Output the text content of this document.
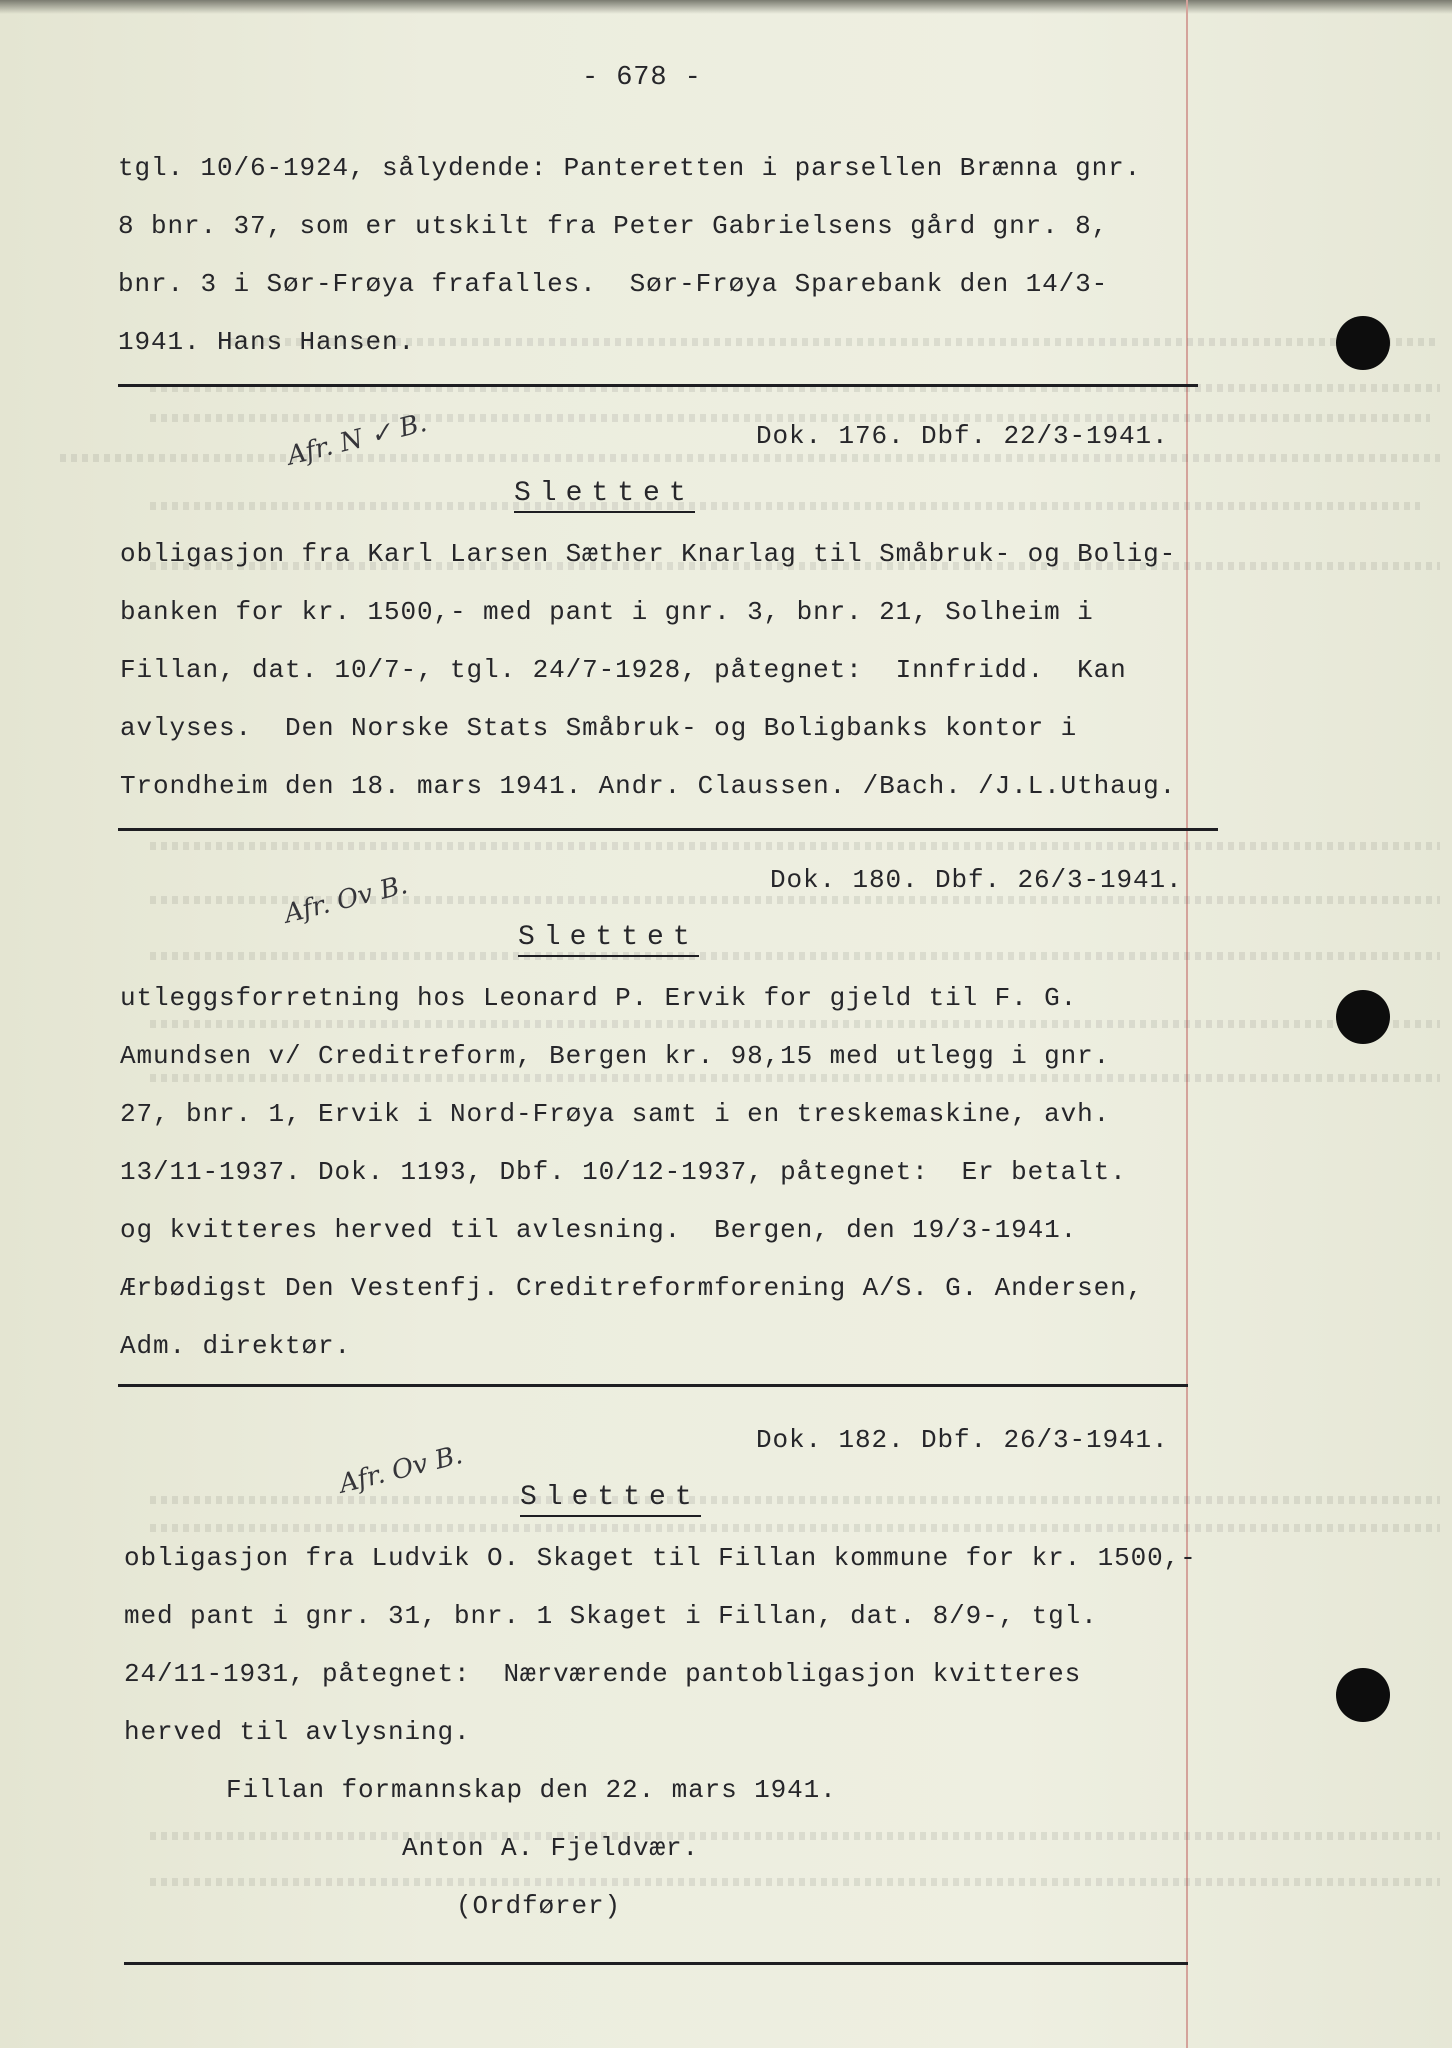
- 678 -
tgl. 10/6-1924, sålydende: Panteretten i parsellen Brænna gnr.
8 bnr. 37, som er utskilt fra Peter Gabrielsens gård gnr. 8,
bnr. 3 i Sør-Frøya frafalles.  Sør-Frøya Sparebank den 14/3-
1941. Hans Hansen.
Afr. N ✓ B.	Dok. 176. Dbf. 22/3-1941.
Slettet
obligasjon fra Karl Larsen Sæther Knarlag til Småbruk- og Bolig-
banken for kr. 1500,- med pant i gnr. 3, bnr. 21, Solheim i
Fillan, dat. 10/7-, tgl. 24/7-1928, påtegnet:  Innfridd.  Kan
avlyses.  Den Norske Stats Småbruk- og Boligbanks kontor i
Trondheim den 18. mars 1941. Andr. Claussen. /Bach. /J.L.Uthaug.
Afr. Ov B.	Dok. 180. Dbf. 26/3-1941.
Slettet
utleggsforretning hos Leonard P. Ervik for gjeld til F. G.
Amundsen v/ Creditreform, Bergen kr. 98,15 med utlegg i gnr.
27, bnr. 1, Ervik i Nord-Frøya samt i en treskemaskine, avh.
13/11-1937. Dok. 1193, Dbf. 10/12-1937, påtegnet:  Er betalt.
og kvitteres herved til avlesning.  Bergen, den 19/3-1941.
Ærbødigst Den Vestenfj. Creditreformforening A/S. G. Andersen,
Adm. direktør.
Afr. Ov B.
Dok. 182. Dbf. 26/3-1941.
Slettet
obligasjon fra Ludvik O. Skaget til Fillan kommune for kr. 1500,-
med pant i gnr. 31, bnr. 1 Skaget i Fillan, dat. 8/9-, tgl.
24/11-1931, påtegnet:  Nærværende pantobligasjon kvitteres
herved til avlysning.
Fillan formannskap den 22. mars 1941.
Anton A. Fjeldvær.
(Ordfører)
